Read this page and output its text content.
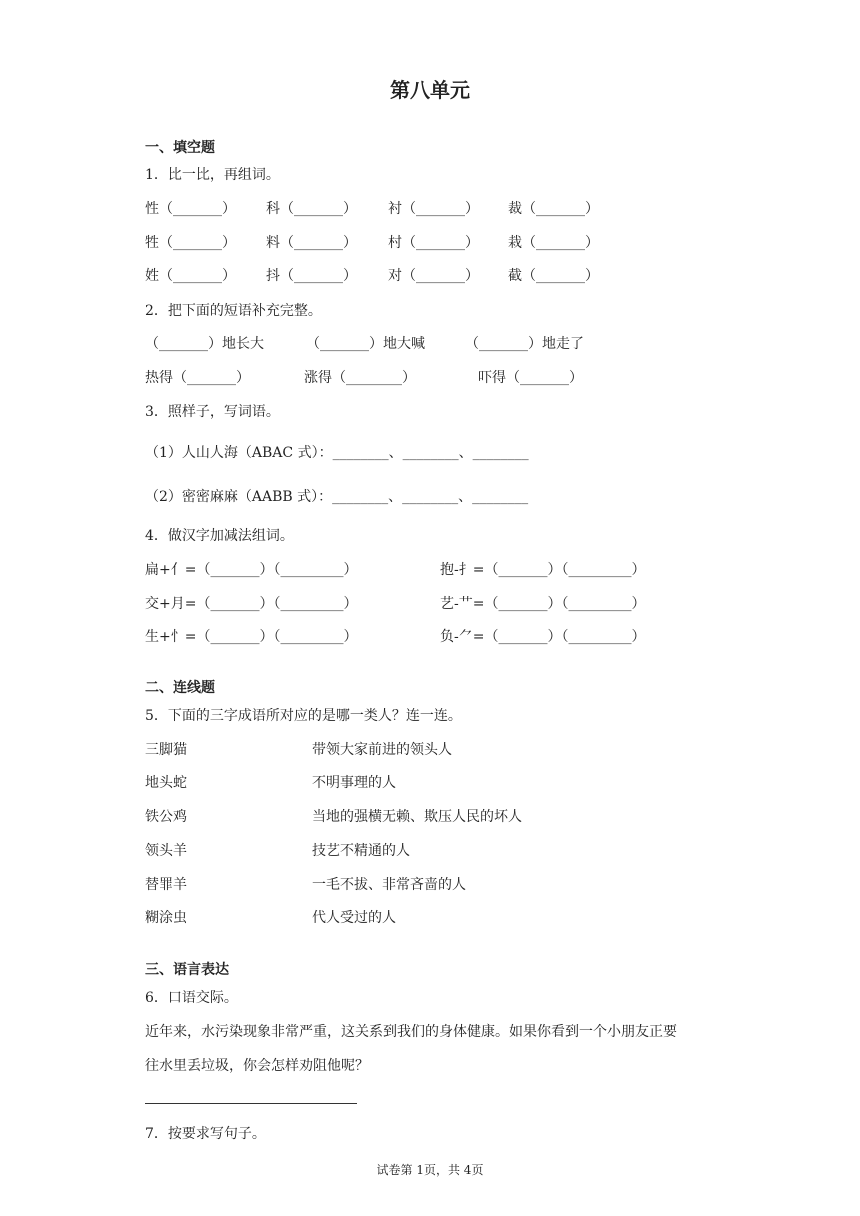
第八单元
一、填空题
1．比一比，再组词。
性（_______） 科（_______） 衬（_______） 裁（_______）
牲（_______） 料（_______） 村（_______） 栽（_______）
姓（_______） 抖（_______） 对（_______） 截（_______）
2．把下面的短语补充完整。
（_______）地长大	（_______）地大喊	（_______）地走了
热得（_______）	涨得（________）	吓得（_______）
3．照样子，写词语。
（1）人山人海（ABAC 式）：________、________、________
（2）密密麻麻（AABB 式）：________、________、________
4．做汉字加减法组词。
扁+亻=（_______）（_________）	抱-扌=（_______）（_________）
交+月=（_______）（_________）	艺-艹=（_______）（_________）
生+忄=（_______）（_________）	负-⺈=（_______）（_________）
二、连线题
5．下面的三字成语所对应的是哪一类人？连一连。
三脚猫	带领大家前进的领头人
地头蛇	不明事理的人
铁公鸡	当地的强横无赖、欺压人民的坏人
领头羊	技艺不精通的人
替罪羊	一毛不拔、非常吝啬的人
糊涂虫	代人受过的人
三、语言表达
6．口语交际。
近年来，水污染现象非常严重，这关系到我们的身体健康。如果你看到一个小朋友正要
往水里丢垃圾，你会怎样劝阻他呢？
7．按要求写句子。
试卷第 1页，共 4页
